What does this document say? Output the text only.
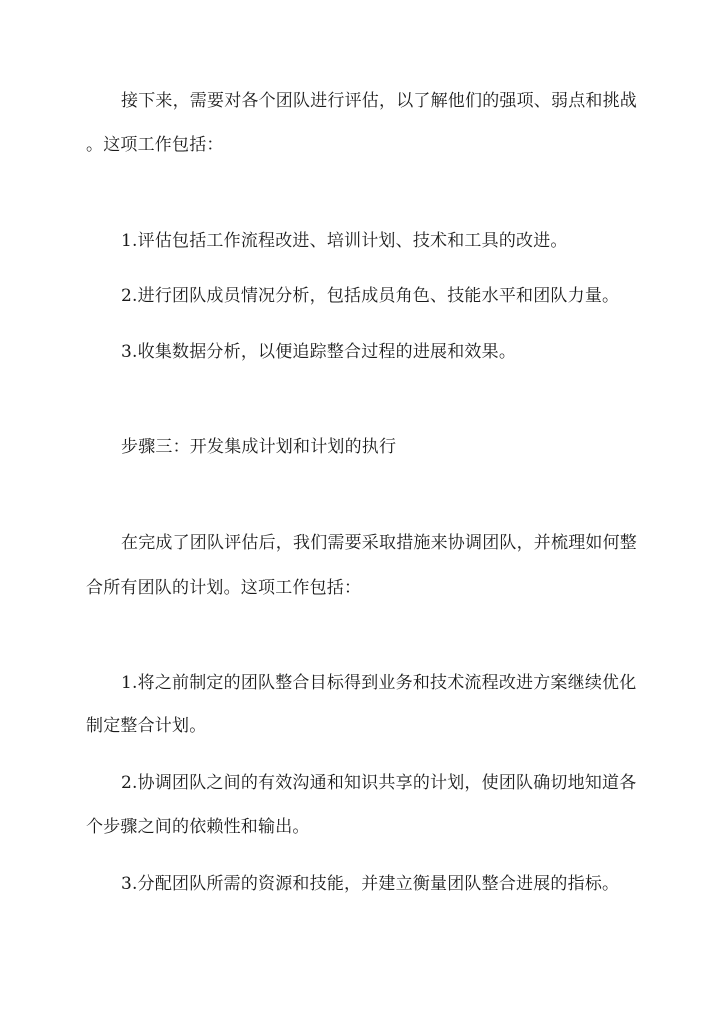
接下来，需要对各个团队进行评估，以了解他们的强项、弱点和挑战
。这项工作包括：
1.评估包括工作流程改进、培训计划、技术和工具的改进。
2.进行团队成员情况分析，包括成员角色、技能水平和团队力量。
3.收集数据分析，以便追踪整合过程的进展和效果。
步骤三：开发集成计划和计划的执行
在完成了团队评估后，我们需要采取措施来协调团队，并梳理如何整
合所有团队的计划。这项工作包括：
1.将之前制定的团队整合目标得到业务和技术流程改进方案继续优化
制定整合计划。
2.协调团队之间的有效沟通和知识共享的计划，使团队确切地知道各
个步骤之间的依赖性和输出。
3.分配团队所需的资源和技能，并建立衡量团队整合进展的指标。
